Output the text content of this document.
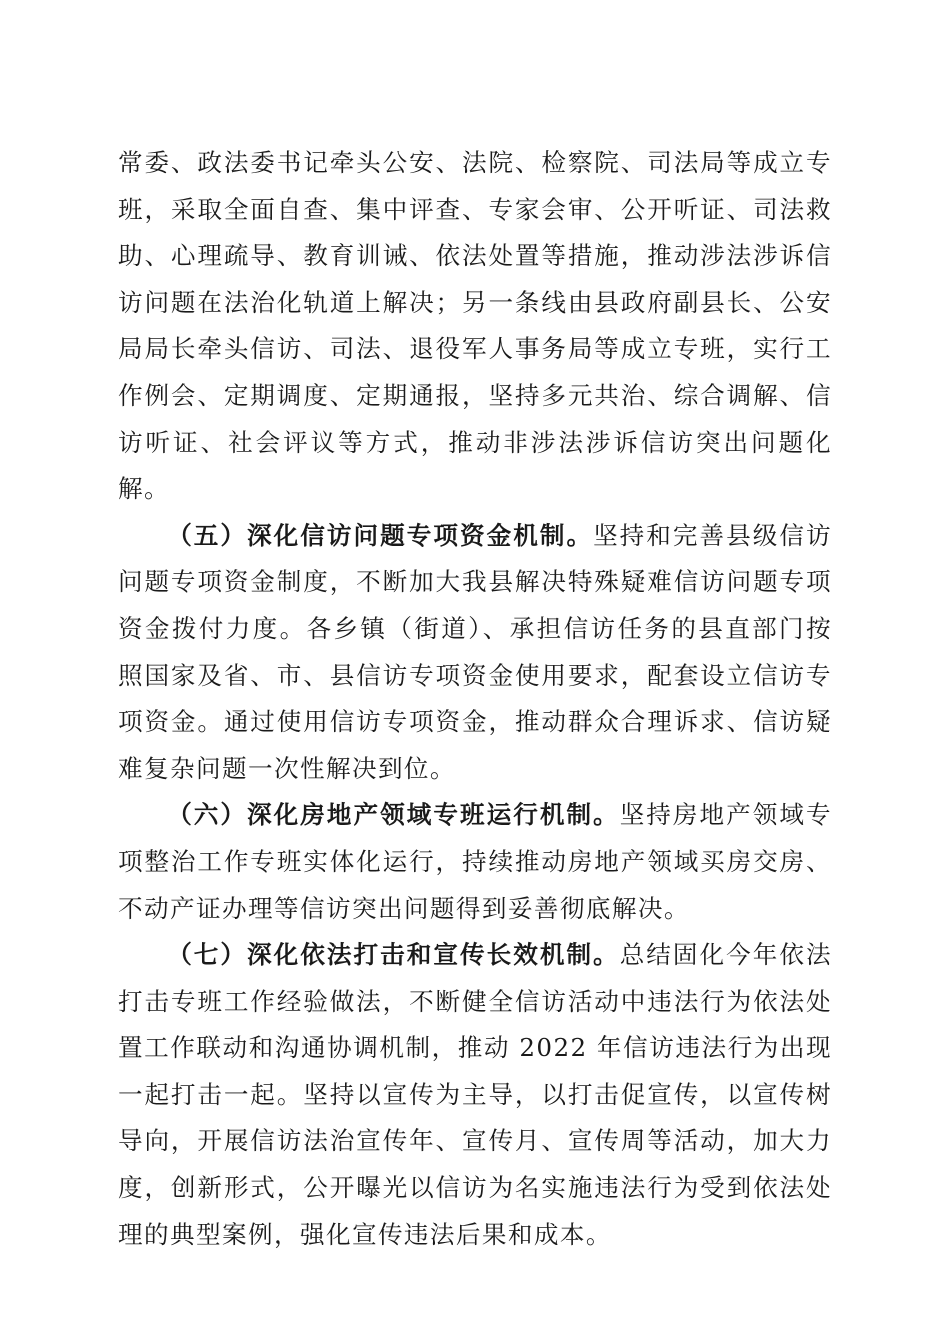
常委、政法委书记牵头公安、法院、检察院、司法局等成立专班，采取全面自查、集中评查、专家会审、公开听证、司法救助、心理疏导、教育训诫、依法处置等措施，推动涉法涉诉信访问题在法治化轨道上解决；另一条线由县政府副县长、公安局局长牵头信访、司法、退役军人事务局等成立专班，实行工作例会、定期调度、定期通报，坚持多元共治、综合调解、信访听证、社会评议等方式，推动非涉法涉诉信访突出问题化解。

（五）深化信访问题专项资金机制。坚持和完善县级信访问题专项资金制度，不断加大我县解决特殊疑难信访问题专项资金拨付力度。各乡镇（街道）、承担信访任务的县直部门按照国家及省、市、县信访专项资金使用要求，配套设立信访专项资金。通过使用信访专项资金，推动群众合理诉求、信访疑难复杂问题一次性解决到位。

（六）深化房地产领域专班运行机制。坚持房地产领域专项整治工作专班实体化运行，持续推动房地产领域买房交房、不动产证办理等信访突出问题得到妥善彻底解决。

（七）深化依法打击和宣传长效机制。总结固化今年依法打击专班工作经验做法，不断健全信访活动中违法行为依法处置工作联动和沟通协调机制，推动 2022 年信访违法行为出现一起打击一起。坚持以宣传为主导，以打击促宣传，以宣传树导向，开展信访法治宣传年、宣传月、宣传周等活动，加大力度，创新形式，公开曝光以信访为名实施违法行为受到依法处理的典型案例，强化宣传违法后果和成本。
